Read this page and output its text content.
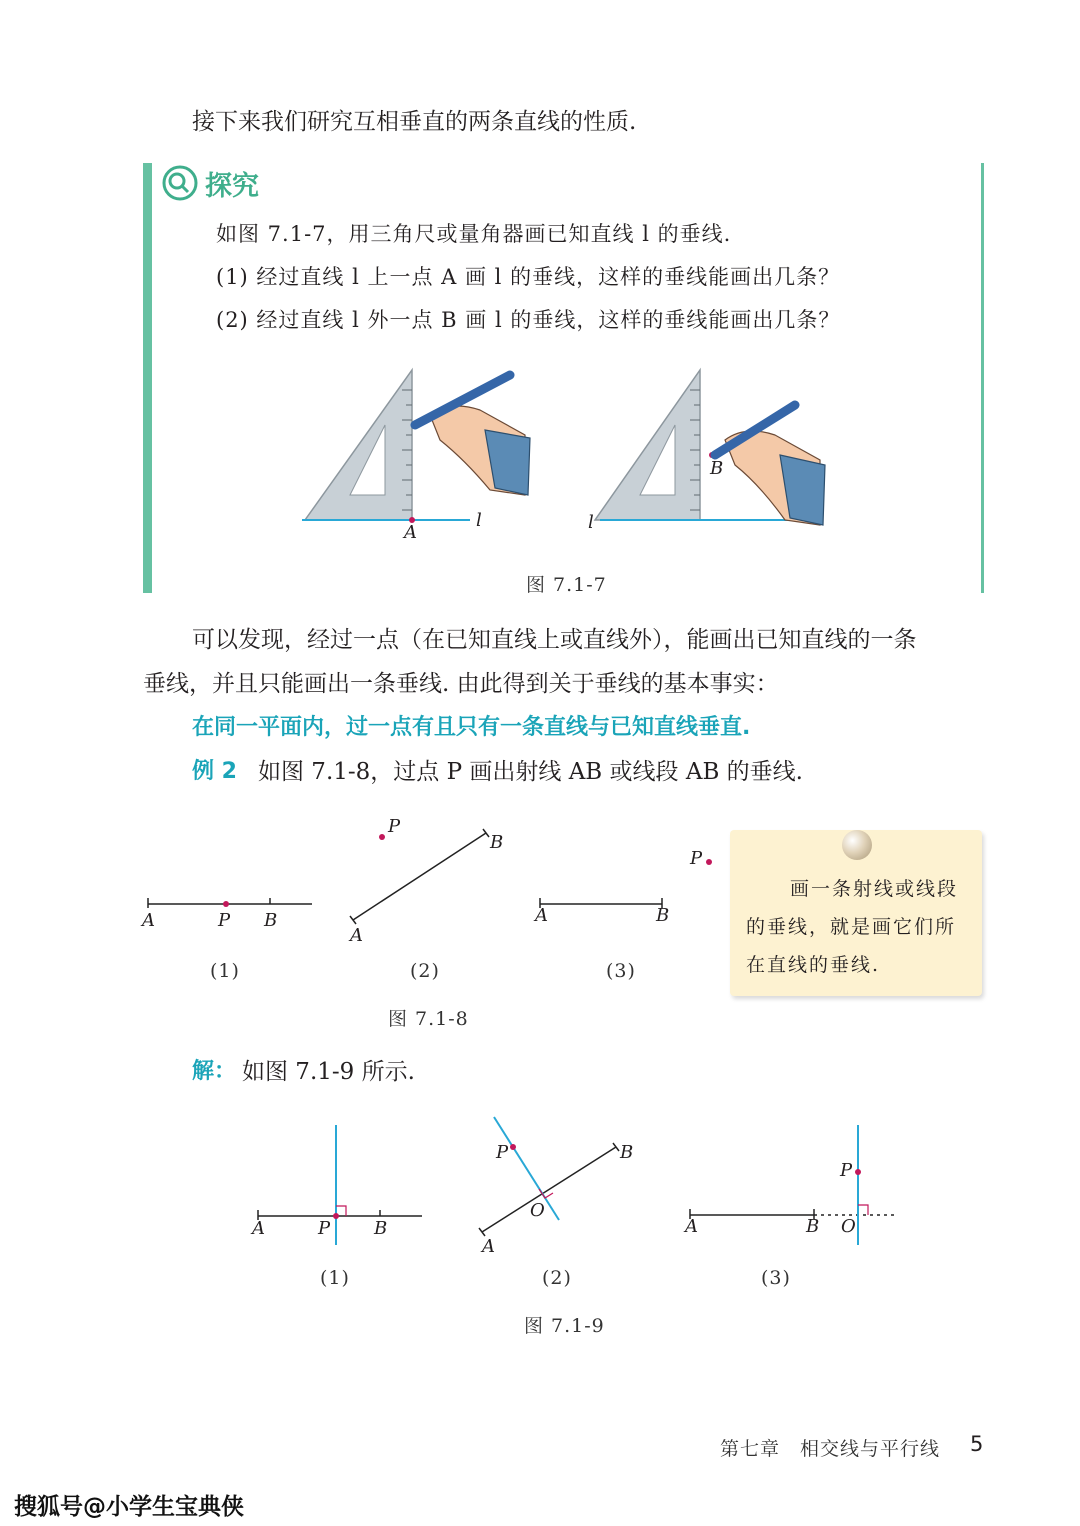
接下来我们研究互相垂直的两条直线的性质.
探究
如图 7.1-7，用三角尺或量角器画已知直线 l 的垂线.
(1) 经过直线 l 上一点 A 画 l 的垂线，这样的垂线能画出几条？
(2) 经过直线 l 外一点 B 画 l 的垂线，这样的垂线能画出几条？
A
l
B
l
图 7.1-7
可以发现，经过一点（在已知直线上或直线外），能画出已知直线的一条
垂线，并且只能画出一条垂线. 由此得到关于垂线的基本事实：
在同一平面内，过一点有且只有一条直线与已知直线垂直.
例 2 如图 7.1-8，过点 P 画出射线 AB 或线段 AB 的垂线.
A	P B
P
B
A
A	B
P
(1)	(2)	(3)
图 7.1-8
画一条射线或线段
的垂线，就是画它们所
在直线的垂线.
解： 如图 7.1-9 所示.
A	P B
P	B
O
A
A	B
P
O
(1)	(2)	(3)
图 7.1-9
第七章　相交线与平行线 5
搜狐号@小学生宝典侠
